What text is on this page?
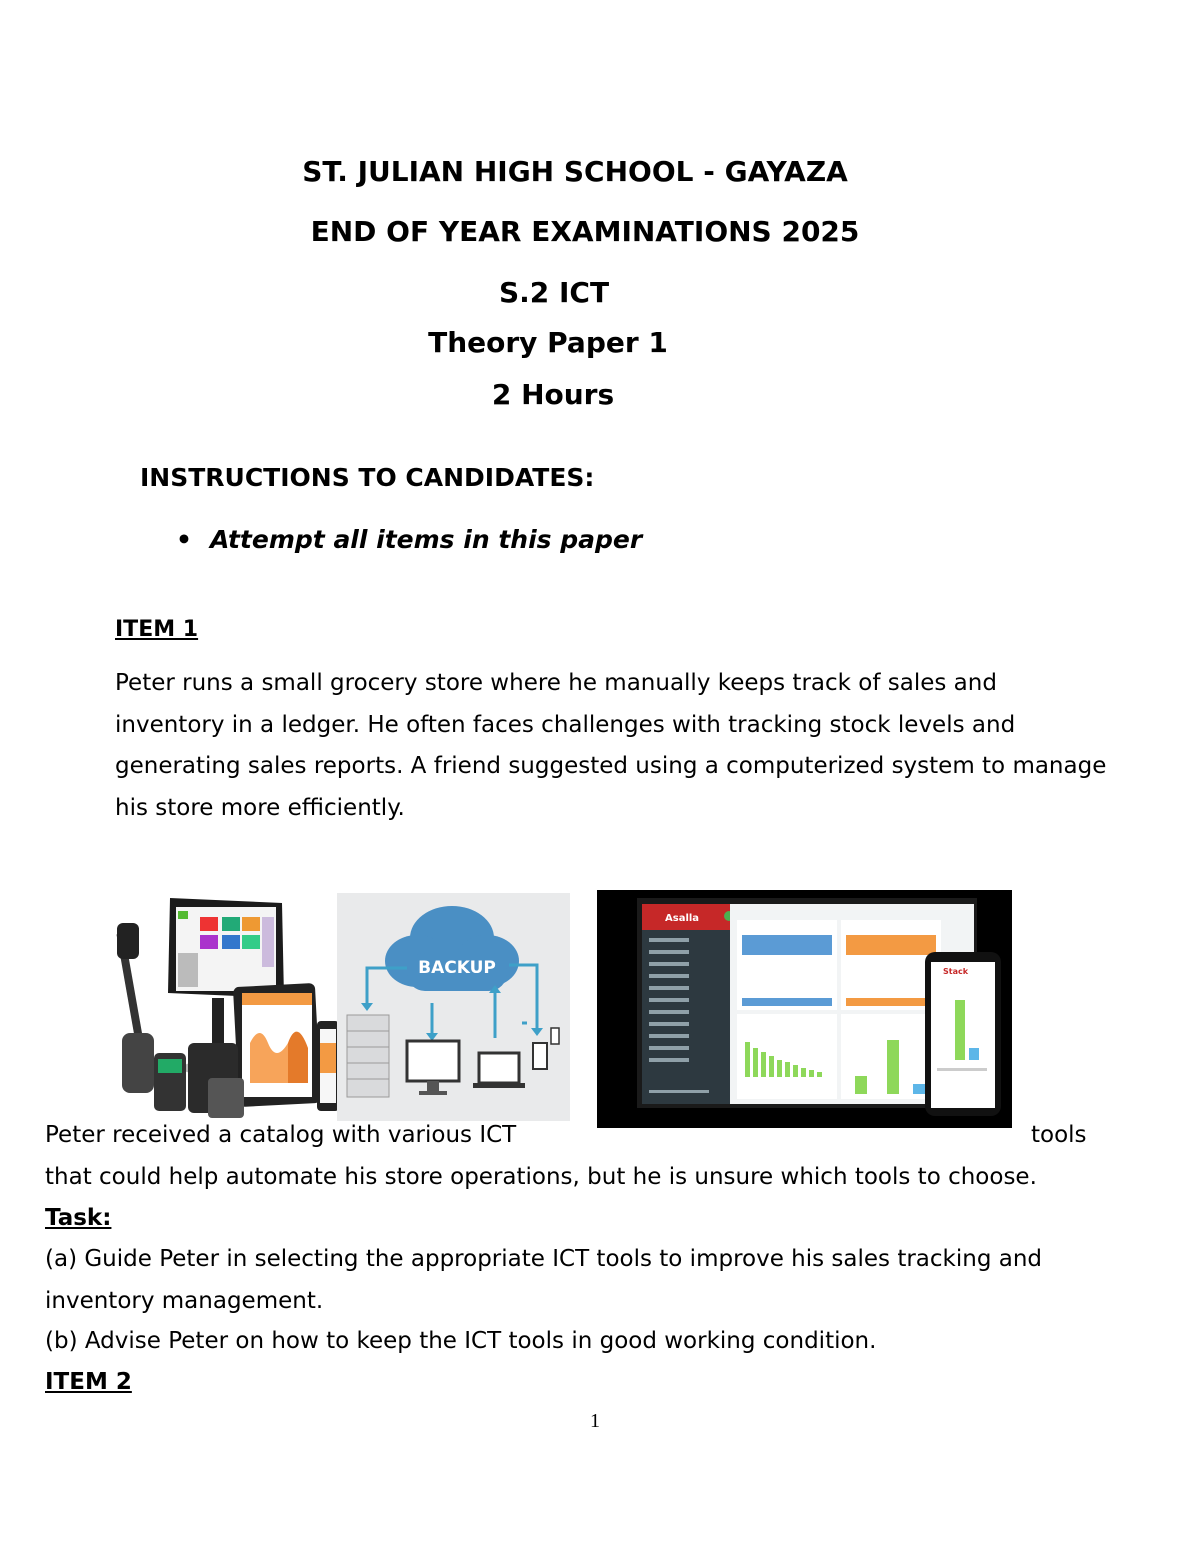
ST. JULIAN HIGH SCHOOL - GAYAZA
END OF YEAR EXAMINATIONS 2025
S.2 ICT
Theory Paper 1
2 Hours
INSTRUCTIONS TO CANDIDATES:
• Attempt all items in this paper
ITEM 1
Peter runs a small grocery store where he manually keeps track of sales and
inventory in a ledger. He often faces challenges with tracking stock levels and
generating sales reports. A friend suggested using a computerized system to manage
his store more efficiently.
BACKUP
Asalla
Stack
Peter received a catalog with various ICT	tools
that could help automate his store operations, but he is unsure which tools to choose.
Task:
(a) Guide Peter in selecting the appropriate ICT tools to improve his sales tracking and
inventory management.
(b) Advise Peter on how to keep the ICT tools in good working condition.
ITEM 2
1
